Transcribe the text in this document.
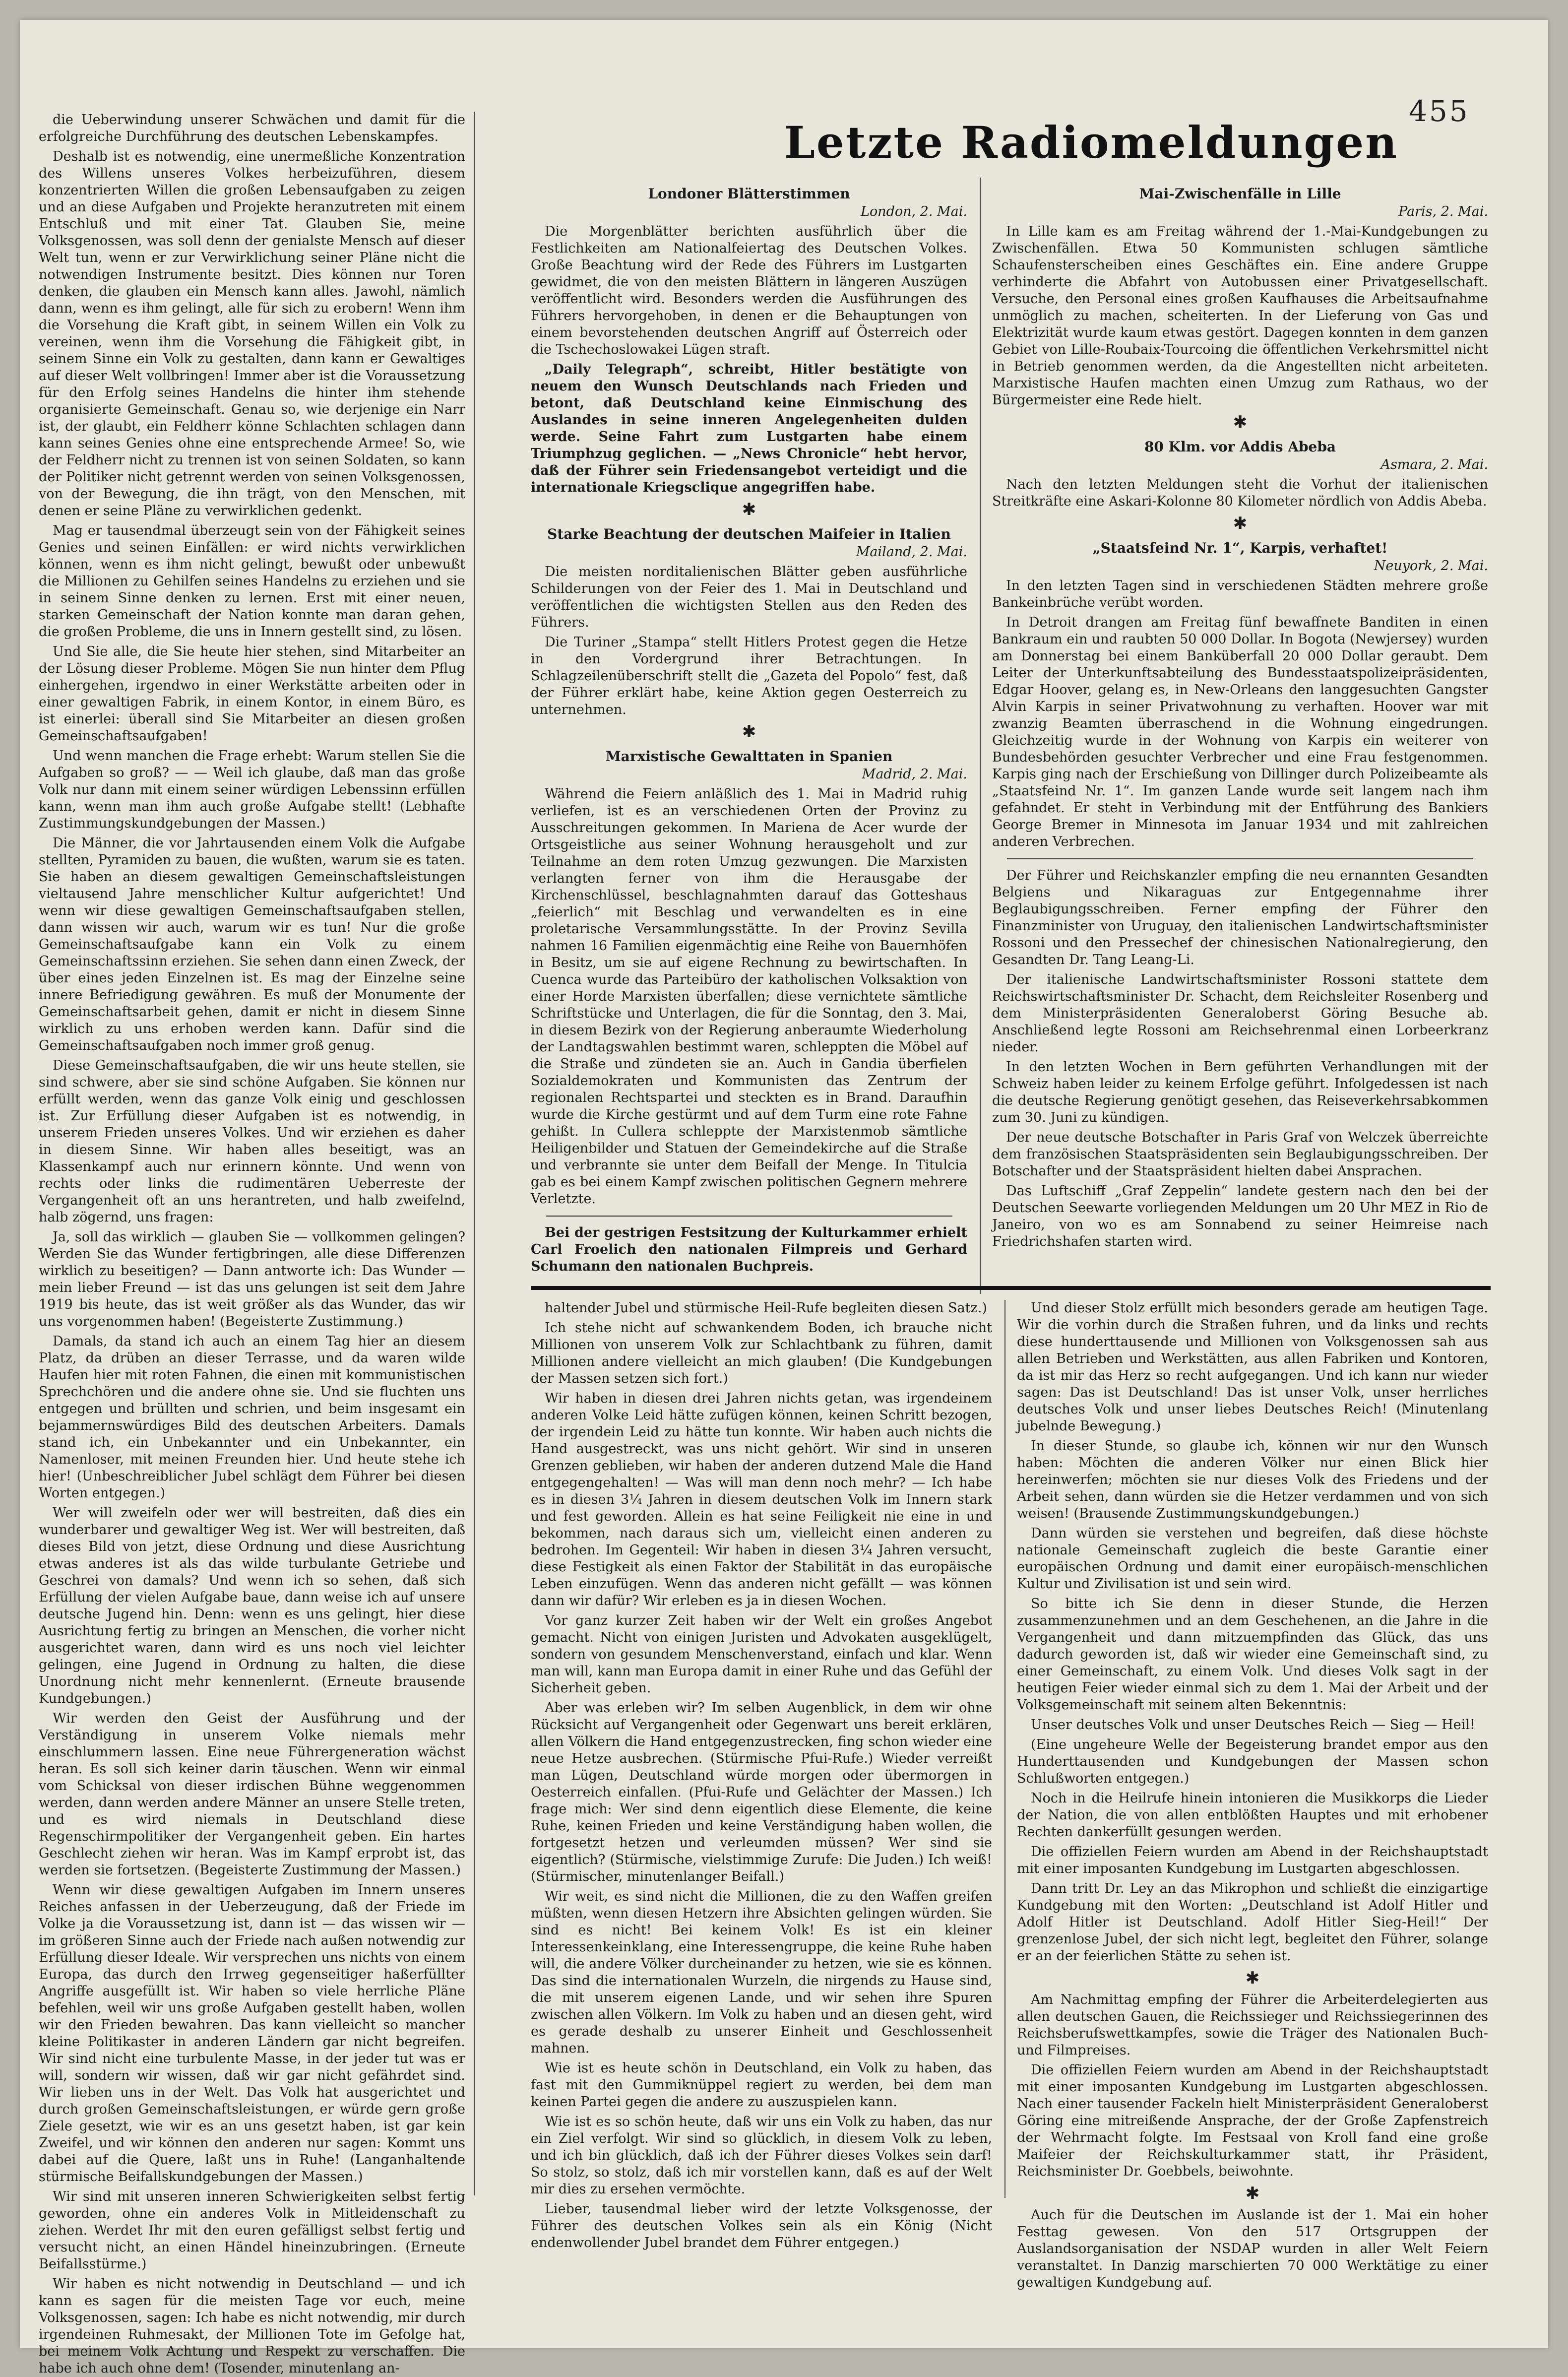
455

die Ueberwindung unserer Schwächen und damit für die erfolgreiche Durchführung des deutschen Lebenskampfes.

Deshalb ist es notwendig, eine unermeßliche Konzentration des Willens unseres Volkes herbeizuführen, diesem konzentrierten Willen die großen Lebensaufgaben zu zeigen und an diese Aufgaben und Projekte heranzutreten mit einem Entschluß und mit einer Tat. Glauben Sie, meine Volksgenossen, was soll denn der genialste Mensch auf dieser Welt tun, wenn er zur Verwirklichung seiner Pläne nicht die notwendigen Instrumente besitzt. Dies können nur Toren denken, die glauben ein Mensch kann alles. Jawohl, nämlich dann, wenn es ihm gelingt, alle für sich zu erobern! Wenn ihm die Vorsehung die Kraft gibt, in seinem Willen ein Volk zu vereinen, wenn ihm die Vorsehung die Fähigkeit gibt, in seinem Sinne ein Volk zu gestalten, dann kann er Gewaltiges auf dieser Welt vollbringen! Immer aber ist die Voraussetzung für den Erfolg seines Handelns die hinter ihm stehende organisierte Gemeinschaft. Genau so, wie derjenige ein Narr ist, der glaubt, ein Feldherr könne Schlachten schlagen dann kann seines Genies ohne eine entsprechende Armee! So, wie der Feldherr nicht zu trennen ist von seinen Soldaten, so kann der Politiker nicht getrennt werden von seinen Volksgenossen, von der Bewegung, die ihn trägt, von den Menschen, mit denen er seine Pläne zu verwirklichen gedenkt.

Mag er tausendmal überzeugt sein von der Fähigkeit seines Genies und seinen Einfällen: er wird nichts verwirklichen können, wenn es ihm nicht gelingt, bewußt oder unbewußt die Millionen zu Gehilfen seines Handelns zu erziehen und sie in seinem Sinne denken zu lernen. Erst mit einer neuen, starken Gemeinschaft der Nation konnte man daran gehen, die großen Probleme, die uns in Innern gestellt sind, zu lösen.

Und Sie alle, die Sie heute hier stehen, sind Mitarbeiter an der Lösung dieser Probleme. Mögen Sie nun hinter dem Pflug einhergehen, irgendwo in einer Werkstätte arbeiten oder in einer gewaltigen Fabrik, in einem Kontor, in einem Büro, es ist einerlei: überall sind Sie Mitarbeiter an diesen großen Gemeinschaftsaufgaben!

Und wenn manchen die Frage erhebt: Warum stellen Sie die Aufgaben so groß? — — Weil ich glaube, daß man das große Volk nur dann mit einem seiner würdigen Lebenssinn erfüllen kann, wenn man ihm auch große Aufgabe stellt! (Lebhafte Zustimmungskundgebungen der Massen.)

Die Männer, die vor Jahrtausenden einem Volk die Aufgabe stellten, Pyramiden zu bauen, die wußten, warum sie es taten. Sie haben an diesem gewaltigen Gemeinschaftsleistungen vieltausend Jahre menschlicher Kultur aufgerichtet! Und wenn wir diese gewaltigen Gemeinschaftsaufgaben stellen, dann wissen wir auch, warum wir es tun! Nur die große Gemeinschaftsaufgabe kann ein Volk zu einem Gemeinschaftssinn erziehen. Sie sehen dann einen Zweck, der über eines jeden Einzelnen ist. Es mag der Einzelne seine innere Befriedigung gewähren. Es muß der Monumente der Gemeinschaftsarbeit gehen, damit er nicht in diesem Sinne wirklich zu uns erhoben werden kann. Dafür sind die Gemeinschaftsaufgaben noch immer groß genug.

Diese Gemeinschaftsaufgaben, die wir uns heute stellen, sie sind schwere, aber sie sind schöne Aufgaben. Sie können nur erfüllt werden, wenn das ganze Volk einig und geschlossen ist. Zur Erfüllung dieser Aufgaben ist es notwendig, in unserem Frieden unseres Volkes. Und wir erziehen es daher in diesem Sinne. Wir haben alles beseitigt, was an Klassenkampf auch nur erinnern könnte. Und wenn von rechts oder links die rudimentären Ueberreste der Vergangenheit oft an uns herantreten, und halb zweifelnd, halb zögernd, uns fragen:

Ja, soll das wirklich — glauben Sie — vollkommen gelingen? Werden Sie das Wunder fertigbringen, alle diese Differenzen wirklich zu beseitigen? — Dann antworte ich: Das Wunder — mein lieber Freund — ist das uns gelungen ist seit dem Jahre 1919 bis heute, das ist weit größer als das Wunder, das wir uns vorgenommen haben! (Begeisterte Zustimmung.)

Damals, da stand ich auch an einem Tag hier an diesem Platz, da drüben an dieser Terrasse, und da waren wilde Haufen hier mit roten Fahnen, die einen mit kommunistischen Sprechchören und die andere ohne sie. Und sie fluchten uns entgegen und brüllten und schrien, und beim insgesamt ein bejammernswürdiges Bild des deutschen Arbeiters. Damals stand ich, ein Unbekannter und ein Unbekannter, ein Namenloser, mit meinen Freunden hier. Und heute stehe ich hier! (Unbeschreiblicher Jubel schlägt dem Führer bei diesen Worten entgegen.)

Wer will zweifeln oder wer will bestreiten, daß dies ein wunderbarer und gewaltiger Weg ist. Wer will bestreiten, daß dieses Bild von jetzt, diese Ordnung und diese Ausrichtung etwas anderes ist als das wilde turbulante Getriebe und Geschrei von damals? Und wenn ich so sehen, daß sich Erfüllung der vielen Aufgabe baue, dann weise ich auf unsere deutsche Jugend hin. Denn: wenn es uns gelingt, hier diese Ausrichtung fertig zu bringen an Menschen, die vorher nicht ausgerichtet waren, dann wird es uns noch viel leichter gelingen, eine Jugend in Ordnung zu halten, die diese Unordnung nicht mehr kennenlernt. (Erneute brausende Kundgebungen.)

Wir werden den Geist der Ausführung und der Verständigung in unserem Volke niemals mehr einschlummern lassen. Eine neue Führergeneration wächst heran. Es soll sich keiner darin täuschen. Wenn wir einmal vom Schicksal von dieser irdischen Bühne weggenommen werden, dann werden andere Männer an unsere Stelle treten, und es wird niemals in Deutschland diese Regenschirmpolitiker der Vergangenheit geben. Ein hartes Geschlecht ziehen wir heran. Was im Kampf erprobt ist, das werden sie fortsetzen. (Begeisterte Zustimmung der Massen.)

Wenn wir diese gewaltigen Aufgaben im Innern unseres Reiches anfassen in der Ueberzeugung, daß der Friede im Volke ja die Voraussetzung ist, dann ist — das wissen wir — im größeren Sinne auch der Friede nach außen notwendig zur Erfüllung dieser Ideale. Wir versprechen uns nichts von einem Europa, das durch den Irrweg gegenseitiger haßerfüllter Angriffe ausgefüllt ist. Wir haben so viele herrliche Pläne befehlen, weil wir uns große Aufgaben gestellt haben, wollen wir den Frieden bewahren. Das kann vielleicht so mancher kleine Politikaster in anderen Ländern gar nicht begreifen. Wir sind nicht eine turbulente Masse, in der jeder tut was er will, sondern wir wissen, daß wir gar nicht gefährdet sind. Wir lieben uns in der Welt. Das Volk hat ausgerichtet und durch großen Gemeinschaftsleistungen, er würde gern große Ziele gesetzt, wie wir es an uns gesetzt haben, ist gar kein Zweifel, und wir können den anderen nur sagen: Kommt uns dabei auf die Quere, laßt uns in Ruhe! (Langanhaltende stürmische Beifallskundgebungen der Massen.)

Wir sind mit unseren inneren Schwierigkeiten selbst fertig geworden, ohne ein anderes Volk in Mitleidenschaft zu ziehen. Werdet Ihr mit den euren gefälligst selbst fertig und versucht nicht, an einen Händel hineinzubringen. (Erneute Beifallsstürme.)

Wir haben es nicht notwendig in Deutschland — und ich kann es sagen für die meisten Tage vor euch, meine Volksgenossen, sagen: Ich habe es nicht notwendig, mir durch irgendeinen Ruhmesakt, der Millionen Tote im Gefolge hat, bei meinem Volk Achtung und Respekt zu verschaffen. Die habe ich auch ohne dem! (Tosender, minutenlang an-

Letzte Radiomeldungen
Londoner Blätterstimmen
London, 2. Mai.

Die Morgenblätter berichten ausführlich über die Festlichkeiten am Nationalfeiertag des Deutschen Volkes. Große Beachtung wird der Rede des Führers im Lustgarten gewidmet, die von den meisten Blättern in längeren Auszügen veröffentlicht wird. Besonders werden die Ausführungen des Führers hervorgehoben, in denen er die Behauptungen von einem bevorstehenden deutschen Angriff auf Österreich oder die Tschechoslowakei Lügen straft.

„Daily Telegraph“, schreibt, Hitler bestätigte von neuem den Wunsch Deutschlands nach Frieden und betont, daß Deutschland keine Einmischung des Auslandes in seine inneren Angelegenheiten dulden werde. Seine Fahrt zum Lustgarten habe einem Triumphzug geglichen. — „News Chronicle“ hebt hervor, daß der Führer sein Friedensangebot verteidigt und die internationale Kriegsclique angegriffen habe.

✱
Starke Beachtung der deutschen Maifeier in Italien
Mailand, 2. Mai.

Die meisten norditalienischen Blätter geben ausführliche Schilderungen von der Feier des 1. Mai in Deutschland und veröffentlichen die wichtigsten Stellen aus den Reden des Führers.

Die Turiner „Stampa“ stellt Hitlers Protest gegen die Hetze in den Vordergrund ihrer Betrachtungen. In Schlagzeilenüberschrift stellt die „Gazeta del Popolo“ fest, daß der Führer erklärt habe, keine Aktion gegen Oesterreich zu unternehmen.

✱
Marxistische Gewalttaten in Spanien
Madrid, 2. Mai.

Während die Feiern anläßlich des 1. Mai in Madrid ruhig verliefen, ist es an verschiedenen Orten der Provinz zu Ausschreitungen gekommen. In Mariena de Acer wurde der Ortsgeistliche aus seiner Wohnung herausgeholt und zur Teilnahme an dem roten Umzug gezwungen. Die Marxisten verlangten ferner von ihm die Herausgabe der Kirchenschlüssel, beschlagnahmten darauf das Gotteshaus „feierlich“ mit Beschlag und verwandelten es in eine proletarische Versammlungsstätte. In der Provinz Sevilla nahmen 16 Familien eigenmächtig eine Reihe von Bauernhöfen in Besitz, um sie auf eigene Rechnung zu bewirtschaften. In Cuenca wurde das Parteibüro der katholischen Volksaktion von einer Horde Marxisten überfallen; diese vernichtete sämtliche Schriftstücke und Unterlagen, die für die Sonntag, den 3. Mai, in diesem Bezirk von der Regierung anberaumte Wiederholung der Landtagswahlen bestimmt waren, schleppten die Möbel auf die Straße und zündeten sie an. Auch in Gandia überfielen Sozialdemokraten und Kommunisten das Zentrum der regionalen Rechtspartei und steckten es in Brand. Daraufhin wurde die Kirche gestürmt und auf dem Turm eine rote Fahne gehißt. In Cullera schleppte der Marxistenmob sämtliche Heiligenbilder und Statuen der Gemeindekirche auf die Straße und verbrannte sie unter dem Beifall der Menge. In Titulcia gab es bei einem Kampf zwischen politischen Gegnern mehrere Verletzte.

Bei der gestrigen Festsitzung der Kulturkammer erhielt Carl Froelich den nationalen Filmpreis und Gerhard Schumann den nationalen Buchpreis.

Mai-Zwischenfälle in Lille
Paris, 2. Mai.

In Lille kam es am Freitag während der 1.-Mai-Kundgebungen zu Zwischenfällen. Etwa 50 Kommunisten schlugen sämtliche Schaufensterscheiben eines Geschäftes ein. Eine andere Gruppe verhinderte die Abfahrt von Autobussen einer Privatgesellschaft. Versuche, den Personal eines großen Kaufhauses die Arbeitsaufnahme unmöglich zu machen, scheiterten. In der Lieferung von Gas und Elektrizität wurde kaum etwas gestört. Dagegen konnten in dem ganzen Gebiet von Lille-Roubaix-Tourcoing die öffentlichen Verkehrsmittel nicht in Betrieb genommen werden, da die Angestellten nicht arbeiteten. Marxistische Haufen machten einen Umzug zum Rathaus, wo der Bürgermeister eine Rede hielt.

✱
80 Klm. vor Addis Abeba
Asmara, 2. Mai.

Nach den letzten Meldungen steht die Vorhut der italienischen Streitkräfte eine Askari-Kolonne 80 Kilometer nördlich von Addis Abeba.

✱
„Staatsfeind Nr. 1“, Karpis, verhaftet!
Neuyork, 2. Mai.

In den letzten Tagen sind in verschiedenen Städten mehrere große Bankeinbrüche verübt worden.

In Detroit drangen am Freitag fünf bewaffnete Banditen in einen Bankraum ein und raubten 50 000 Dollar. In Bogota (Newjersey) wurden am Donnerstag bei einem Banküberfall 20 000 Dollar geraubt. Dem Leiter der Unterkunftsabteilung des Bundesstaatspolizeipräsidenten, Edgar Hoover, gelang es, in New-Orleans den langgesuchten Gangster Alvin Karpis in seiner Privatwohnung zu verhaften. Hoover war mit zwanzig Beamten überraschend in die Wohnung eingedrungen. Gleichzeitig wurde in der Wohnung von Karpis ein weiterer von Bundesbehörden gesuchter Verbrecher und eine Frau festgenommen. Karpis ging nach der Erschießung von Dillinger durch Polizeibeamte als „Staatsfeind Nr. 1“. Im ganzen Lande wurde seit langem nach ihm gefahndet. Er steht in Verbindung mit der Entführung des Bankiers George Bremer in Minnesota im Januar 1934 und mit zahlreichen anderen Verbrechen.

Der Führer und Reichskanzler empfing die neu ernannten Gesandten Belgiens und Nikaraguas zur Entgegennahme ihrer Beglaubigungsschreiben. Ferner empfing der Führer den Finanzminister von Uruguay, den italienischen Landwirtschaftsminister Rossoni und den Pressechef der chinesischen Nationalregierung, den Gesandten Dr. Tang Leang-Li.

Der italienische Landwirtschaftsminister Rossoni stattete dem Reichswirtschaftsminister Dr. Schacht, dem Reichsleiter Rosenberg und dem Ministerpräsidenten Generaloberst Göring Besuche ab. Anschließend legte Rossoni am Reichsehrenmal einen Lorbeerkranz nieder.

In den letzten Wochen in Bern geführten Verhandlungen mit der Schweiz haben leider zu keinem Erfolge geführt. Infolgedessen ist nach die deutsche Regierung genötigt gesehen, das Reiseverkehrsabkommen zum 30. Juni zu kündigen.

Der neue deutsche Botschafter in Paris Graf von Welczek überreichte dem französischen Staatspräsidenten sein Beglaubigungsschreiben. Der Botschafter und der Staatspräsident hielten dabei Ansprachen.

Das Luftschiff „Graf Zeppelin“ landete gestern nach den bei der Deutschen Seewarte vorliegenden Meldungen um 20 Uhr MEZ in Rio de Janeiro, von wo es am Sonnabend zu seiner Heimreise nach Friedrichshafen starten wird.

haltender Jubel und stürmische Heil-Rufe begleiten diesen Satz.)

Ich stehe nicht auf schwankendem Boden, ich brauche nicht Millionen von unserem Volk zur Schlachtbank zu führen, damit Millionen andere vielleicht an mich glauben! (Die Kundgebungen der Massen setzen sich fort.)

Wir haben in diesen drei Jahren nichts getan, was irgendeinem anderen Volke Leid hätte zufügen können, keinen Schritt bezogen, der irgendein Leid zu hätte tun konnte. Wir haben auch nichts die Hand ausgestreckt, was uns nicht gehört. Wir sind in unseren Grenzen geblieben, wir haben der anderen dutzend Male die Hand entgegengehalten! — Was will man denn noch mehr? — Ich habe es in diesen 3¼ Jahren in diesem deutschen Volk im Innern stark und fest geworden. Allein es hat seine Feiligkeit nie eine in und bekommen, nach daraus sich um, vielleicht einen anderen zu bedrohen. Im Gegenteil: Wir haben in diesen 3¼ Jahren versucht, diese Festigkeit als einen Faktor der Stabilität in das europäische Leben einzufügen. Wenn das anderen nicht gefällt — was können dann wir dafür? Wir erleben es ja in diesen Wochen.

Vor ganz kurzer Zeit haben wir der Welt ein großes Angebot gemacht. Nicht von einigen Juristen und Advokaten ausgeklügelt, sondern von gesundem Menschenverstand, einfach und klar. Wenn man will, kann man Europa damit in einer Ruhe und das Gefühl der Sicherheit geben.

Aber was erleben wir? Im selben Augenblick, in dem wir ohne Rücksicht auf Vergangenheit oder Gegenwart uns bereit erklären, allen Völkern die Hand entgegenzustrecken, fing schon wieder eine neue Hetze ausbrechen. (Stürmische Pfui-Rufe.) Wieder verreißt man Lügen, Deutschland würde morgen oder übermorgen in Oesterreich einfallen. (Pfui-Rufe und Gelächter der Massen.) Ich frage mich: Wer sind denn eigentlich diese Elemente, die keine Ruhe, keinen Frieden und keine Verständigung haben wollen, die fortgesetzt hetzen und verleumden müssen? Wer sind sie eigentlich? (Stürmische, vielstimmige Zurufe: Die Juden.) Ich weiß! (Stürmischer, minutenlanger Beifall.)

Wir weit, es sind nicht die Millionen, die zu den Waffen greifen müßten, wenn diesen Hetzern ihre Absichten gelingen würden. Sie sind es nicht! Bei keinem Volk! Es ist ein kleiner Interessenkeinklang, eine Interessengruppe, die keine Ruhe haben will, die andere Völker durcheinander zu hetzen, wie sie es können. Das sind die internationalen Wurzeln, die nirgends zu Hause sind, die mit unserem eigenen Lande, und wir sehen ihre Spuren zwischen allen Völkern. Im Volk zu haben und an diesen geht, wird es gerade deshalb zu unserer Einheit und Geschlossenheit mahnen.

Wie ist es heute schön in Deutschland, ein Volk zu haben, das fast mit den Gummiknüppel regiert zu werden, bei dem man keinen Partei gegen die andere zu auszuspielen kann.

Wie ist es so schön heute, daß wir uns ein Volk zu haben, das nur ein Ziel verfolgt. Wir sind so glücklich, in diesem Volk zu leben, und ich bin glücklich, daß ich der Führer dieses Volkes sein darf! So stolz, so stolz, daß ich mir vorstellen kann, daß es auf der Welt mir dies zu ersehen vermöchte.

Lieber, tausendmal lieber wird der letzte Volksgenosse, der Führer des deutschen Volkes sein als ein König (Nicht endenwollender Jubel brandet dem Führer entgegen.)

Und dieser Stolz erfüllt mich besonders gerade am heutigen Tage. Wir die vorhin durch die Straßen fuhren, und da links und rechts diese hunderttausende und Millionen von Volksgenossen sah aus allen Betrieben und Werkstätten, aus allen Fabriken und Kontoren, da ist mir das Herz so recht aufgegangen. Und ich kann nur wieder sagen: Das ist Deutschland! Das ist unser Volk, unser herrliches deutsches Volk und unser liebes Deutsches Reich! (Minutenlang jubelnde Bewegung.)

In dieser Stunde, so glaube ich, können wir nur den Wunsch haben: Möchten die anderen Völker nur einen Blick hier hereinwerfen; möchten sie nur dieses Volk des Friedens und der Arbeit sehen, dann würden sie die Hetzer verdammen und von sich weisen! (Brausende Zustimmungskundgebungen.)

Dann würden sie verstehen und begreifen, daß diese höchste nationale Gemeinschaft zugleich die beste Garantie einer europäischen Ordnung und damit einer europäisch-menschlichen Kultur und Zivilisation ist und sein wird.

So bitte ich Sie denn in dieser Stunde, die Herzen zusammenzunehmen und an dem Geschehenen, an die Jahre in die Vergangenheit und dann mitzuempfinden das Glück, das uns dadurch geworden ist, daß wir wieder eine Gemeinschaft sind, zu einer Gemeinschaft, zu einem Volk. Und dieses Volk sagt in der heutigen Feier wieder einmal sich zu dem 1. Mai der Arbeit und der Volksgemeinschaft mit seinem alten Bekenntnis:

Unser deutsches Volk und unser Deutsches Reich — Sieg — Heil!

(Eine ungeheure Welle der Begeisterung brandet empor aus den Hunderttausenden und Kundgebungen der Massen schon Schlußworten entgegen.)

Noch in die Heilrufe hinein intonieren die Musikkorps die Lieder der Nation, die von allen entblößten Hauptes und mit erhobener Rechten dankerfüllt gesungen werden.

Die offiziellen Feiern wurden am Abend in der Reichshauptstadt mit einer imposanten Kundgebung im Lustgarten abgeschlossen.

Dann tritt Dr. Ley an das Mikrophon und schließt die einzigartige Kundgebung mit den Worten: „Deutschland ist Adolf Hitler und Adolf Hitler ist Deutschland. Adolf Hitler Sieg-Heil!“ Der grenzenlose Jubel, der sich nicht legt, begleitet den Führer, solange er an der feierlichen Stätte zu sehen ist.

✱

Am Nachmittag empfing der Führer die Arbeiterdelegierten aus allen deutschen Gauen, die Reichssieger und Reichssiegerinnen des Reichsberufswettkampfes, sowie die Träger des Nationalen Buch- und Filmpreises.

Die offiziellen Feiern wurden am Abend in der Reichshauptstadt mit einer imposanten Kundgebung im Lustgarten abgeschlossen. Nach einer tausender Fackeln hielt Ministerpräsident Generaloberst Göring eine mitreißende Ansprache, der der Große Zapfenstreich der Wehrmacht folgte. Im Festsaal von Kroll fand eine große Maifeier der Reichskulturkammer statt, ihr Präsident, Reichsminister Dr. Goebbels, beiwohnte.

✱

Auch für die Deutschen im Auslande ist der 1. Mai ein hoher Festtag gewesen. Von den 517 Ortsgruppen der Auslandsorganisation der NSDAP wurden in aller Welt Feiern veranstaltet. In Danzig marschierten 70 000 Werktätige zu einer gewaltigen Kundgebung auf.
